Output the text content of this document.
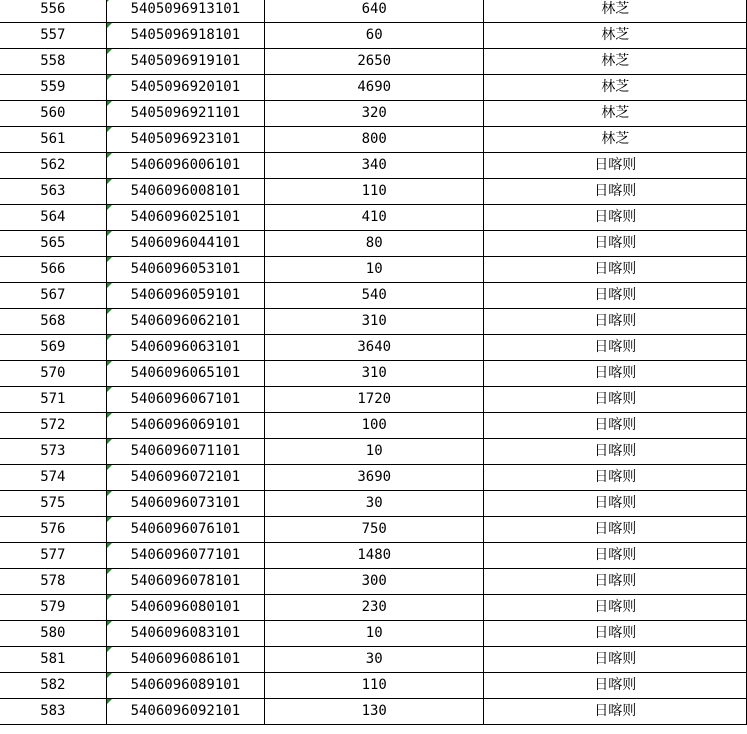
556	5405096913101	640	林芝
557	5405096918101	60	林芝
558	5405096919101	2650	林芝
559	5405096920101	4690	林芝
560	5405096921101	320	林芝
561	5405096923101	800	林芝
562	5406096006101	340	日喀则
563	5406096008101	110	日喀则
564	5406096025101	410	日喀则
565	5406096044101	80	日喀则
566	5406096053101	10	日喀则
567	5406096059101	540	日喀则
568	5406096062101	310	日喀则
569	5406096063101	3640	日喀则
570	5406096065101	310	日喀则
571	5406096067101	1720	日喀则
572	5406096069101	100	日喀则
573	5406096071101	10	日喀则
574	5406096072101	3690	日喀则
575	5406096073101	30	日喀则
576	5406096076101	750	日喀则
577	5406096077101	1480	日喀则
578	5406096078101	300	日喀则
579	5406096080101	230	日喀则
580	5406096083101	10	日喀则
581	5406096086101	30	日喀则
582	5406096089101	110	日喀则
583	5406096092101	130	日喀则
